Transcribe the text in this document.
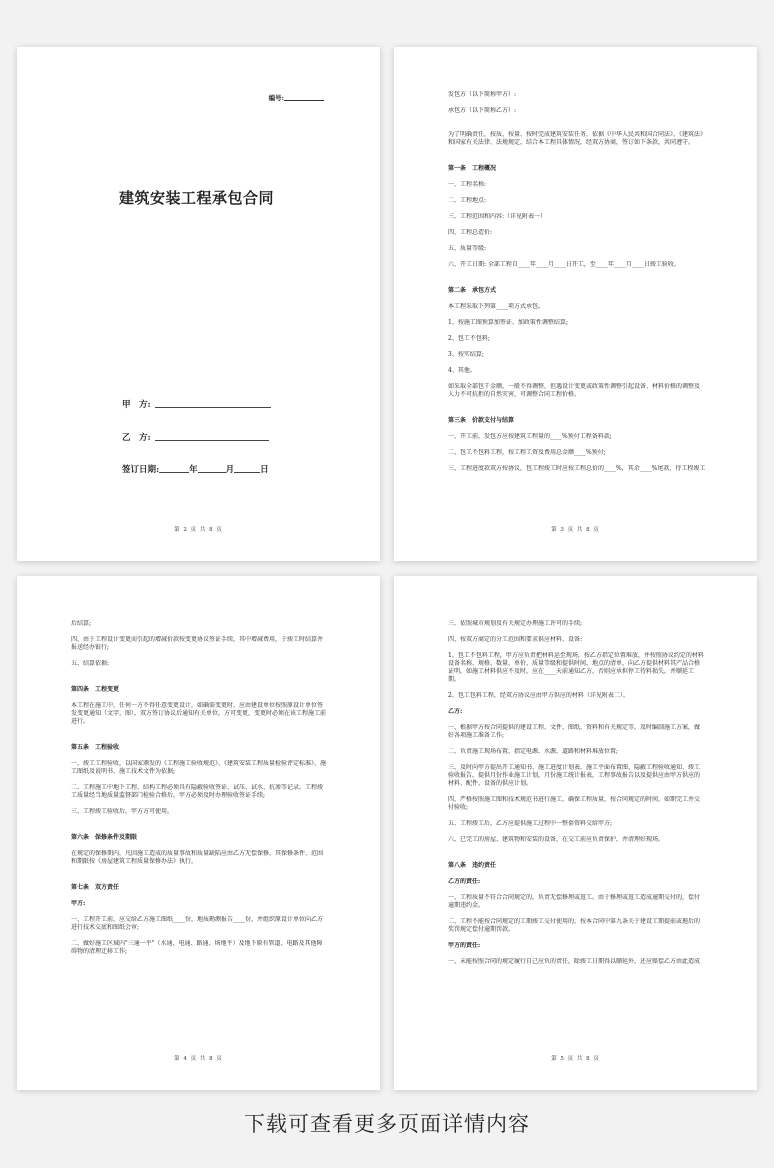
编号:
建筑安装工程承包合同
甲　方:
乙　方:
签订日期:	年	月	日
第 2 页 共 8 页
发包方（以下简称甲方）:
承包方（以下简称乙方）:
为了明确责任，按质、按量、按时完成建筑安装任务，依据《中华人民共和国合同法》、《建筑法》和国家有关法律、法规规定，结合本工程具体情况，经双方协商，签订如下条款，共同遵守。
第一条　工程概况
一、工程名称:
二、工程地点:
三、工程范围和内容:（详见附表一）
四、工程总造价:
五、质量等级:
六、开工日期: 全部工程自____年____月____日开工，至____年____月____日竣工验收。
第二条　承包方式
本工程采取下列第____项方式承包。
1、按施工图预算加签证、加政策性调整结算;
2、包工不包料;
3、按实结算;
4、其他。
如采取全部包干金额，一般不得调整，但遇设计变更或政策性调整引起设备、材料价格的调整及人力不可抗拒的自然灾害，可调整合同工程价格。
第三条　价款支付与结算
一、开工前，发包方应按建筑工程量的____%预付工程备料款;
二、包工不包料工程，按工程工资及费用总金额____%预付;
三、工程进度款双方按协议，包工程竣工时应按工程总价的____%，其余____%尾款，待工程竣工
第 3 页 共 8 页
后结算;
四、由于工程设计变更而引起的增减价款按变更协议签证手续，其中增减费用，于竣工时结算并报送经办银行;
五、结算依据:
第四条　工程变更
本工程在施工中，任何一方不得任意变更设计，如确需变更时，应由建设单位按照原设计单位签发变更通知（文字、图），双方签订协议后通知有关单位，方可变更，变更时必须在该工程施工前进行。
第五条　工程验收
一、竣工工程验收，以国家颁发的《工程施工验收规范》、《建筑安装工程质量检验评定标准》、施工图纸及说明书、施工技术文件为依据;
二、工程施工中地下工程、结构工程必须具有隐蔽验收签证、试压、试水、抗渗等记录。工程竣工质量经当地质量监督部门检验合格后，甲方必须及时办理验收签证手续;
三、工程竣工验收后，甲方方可使用。
第六条　保修条件及期限
在规定的保修期内，凡因施工造成的质量事故和质量缺陷应由乙方无偿保修，其保修条件、范围和期限按《房屋建筑工程质量保修办法》执行。
第七条　双方责任
甲方:
一、工程开工前，应交给乙方施工图纸____份，地质勘测报告____份，并组织原设计单位向乙方进行技术交底和图纸会审;
二、做好施工区域内"三通一平"（水通、电通、路通、场地平）及地下原有管道、电路及其他障碍物的清理迁移工作;
第 4 页 共 8 页
三、依照城市规划及有关规定办理施工许可的手续;
四、按双方商定的分工范围和要求供应材料、设备:
1、包工不包料工程，甲方应负责把材料运至现场，按乙方指定位置堆放，并按照协议约定的材料设备名称、规格、数量、单价、质量等级和提供时间、地点的清单，向乙方提供材料其产品合格证明。如施工材料供应不及时，应在____天前通知乙方，否则应承担停工待料损失，并顺延工期。
2、包工包料工程，经双方协议应由甲方供应的材料（详见附表二）。
乙方:
一、根据甲方按合同提供的建设工程、文件、图纸、资料和有关规定等，及时编制施工方案，做好各项施工准备工作;
二、负责施工现场布置，指定电源、水源、道路和材料堆放位置;
三、及时向甲方提出开工通知书、施工进度计划表、施工平面布置图、隐蔽工程验收通知、竣工验收报告，提供月份作业施工计划，月份施工统计报表，工程事故报告以及提供应由甲方供应的材料、配件、设备的供应计划。
四、严格按照施工图和技术规范书进行施工，确保工程质量，按合同规定的时间，如期完工并交付验收;
五、工程竣工后，乙方应提供施工过程中一整套资料交给甲方;
六、已完工的房屋、建筑物和安装的设备，在交工前应负责保护，并清理好现场。
第八条　违约责任
乙方的责任:
一、工程质量不符合合同规定的，负责无偿修理或返工。由于修理或返工造成逾期交付的，偿付逾期违约金。
二、工程不能按合同规定的工期竣工交付使用的，按本合同中第九条关于建设工期提前或拖后的奖罚规定偿付逾期罚款。
甲方的责任:
一、未能按照合同的规定履行自己应负的责任，除竣工日期得以顺延外，还应赔偿乙方由此造成
第 5 页 共 8 页
下载可查看更多页面详情内容
